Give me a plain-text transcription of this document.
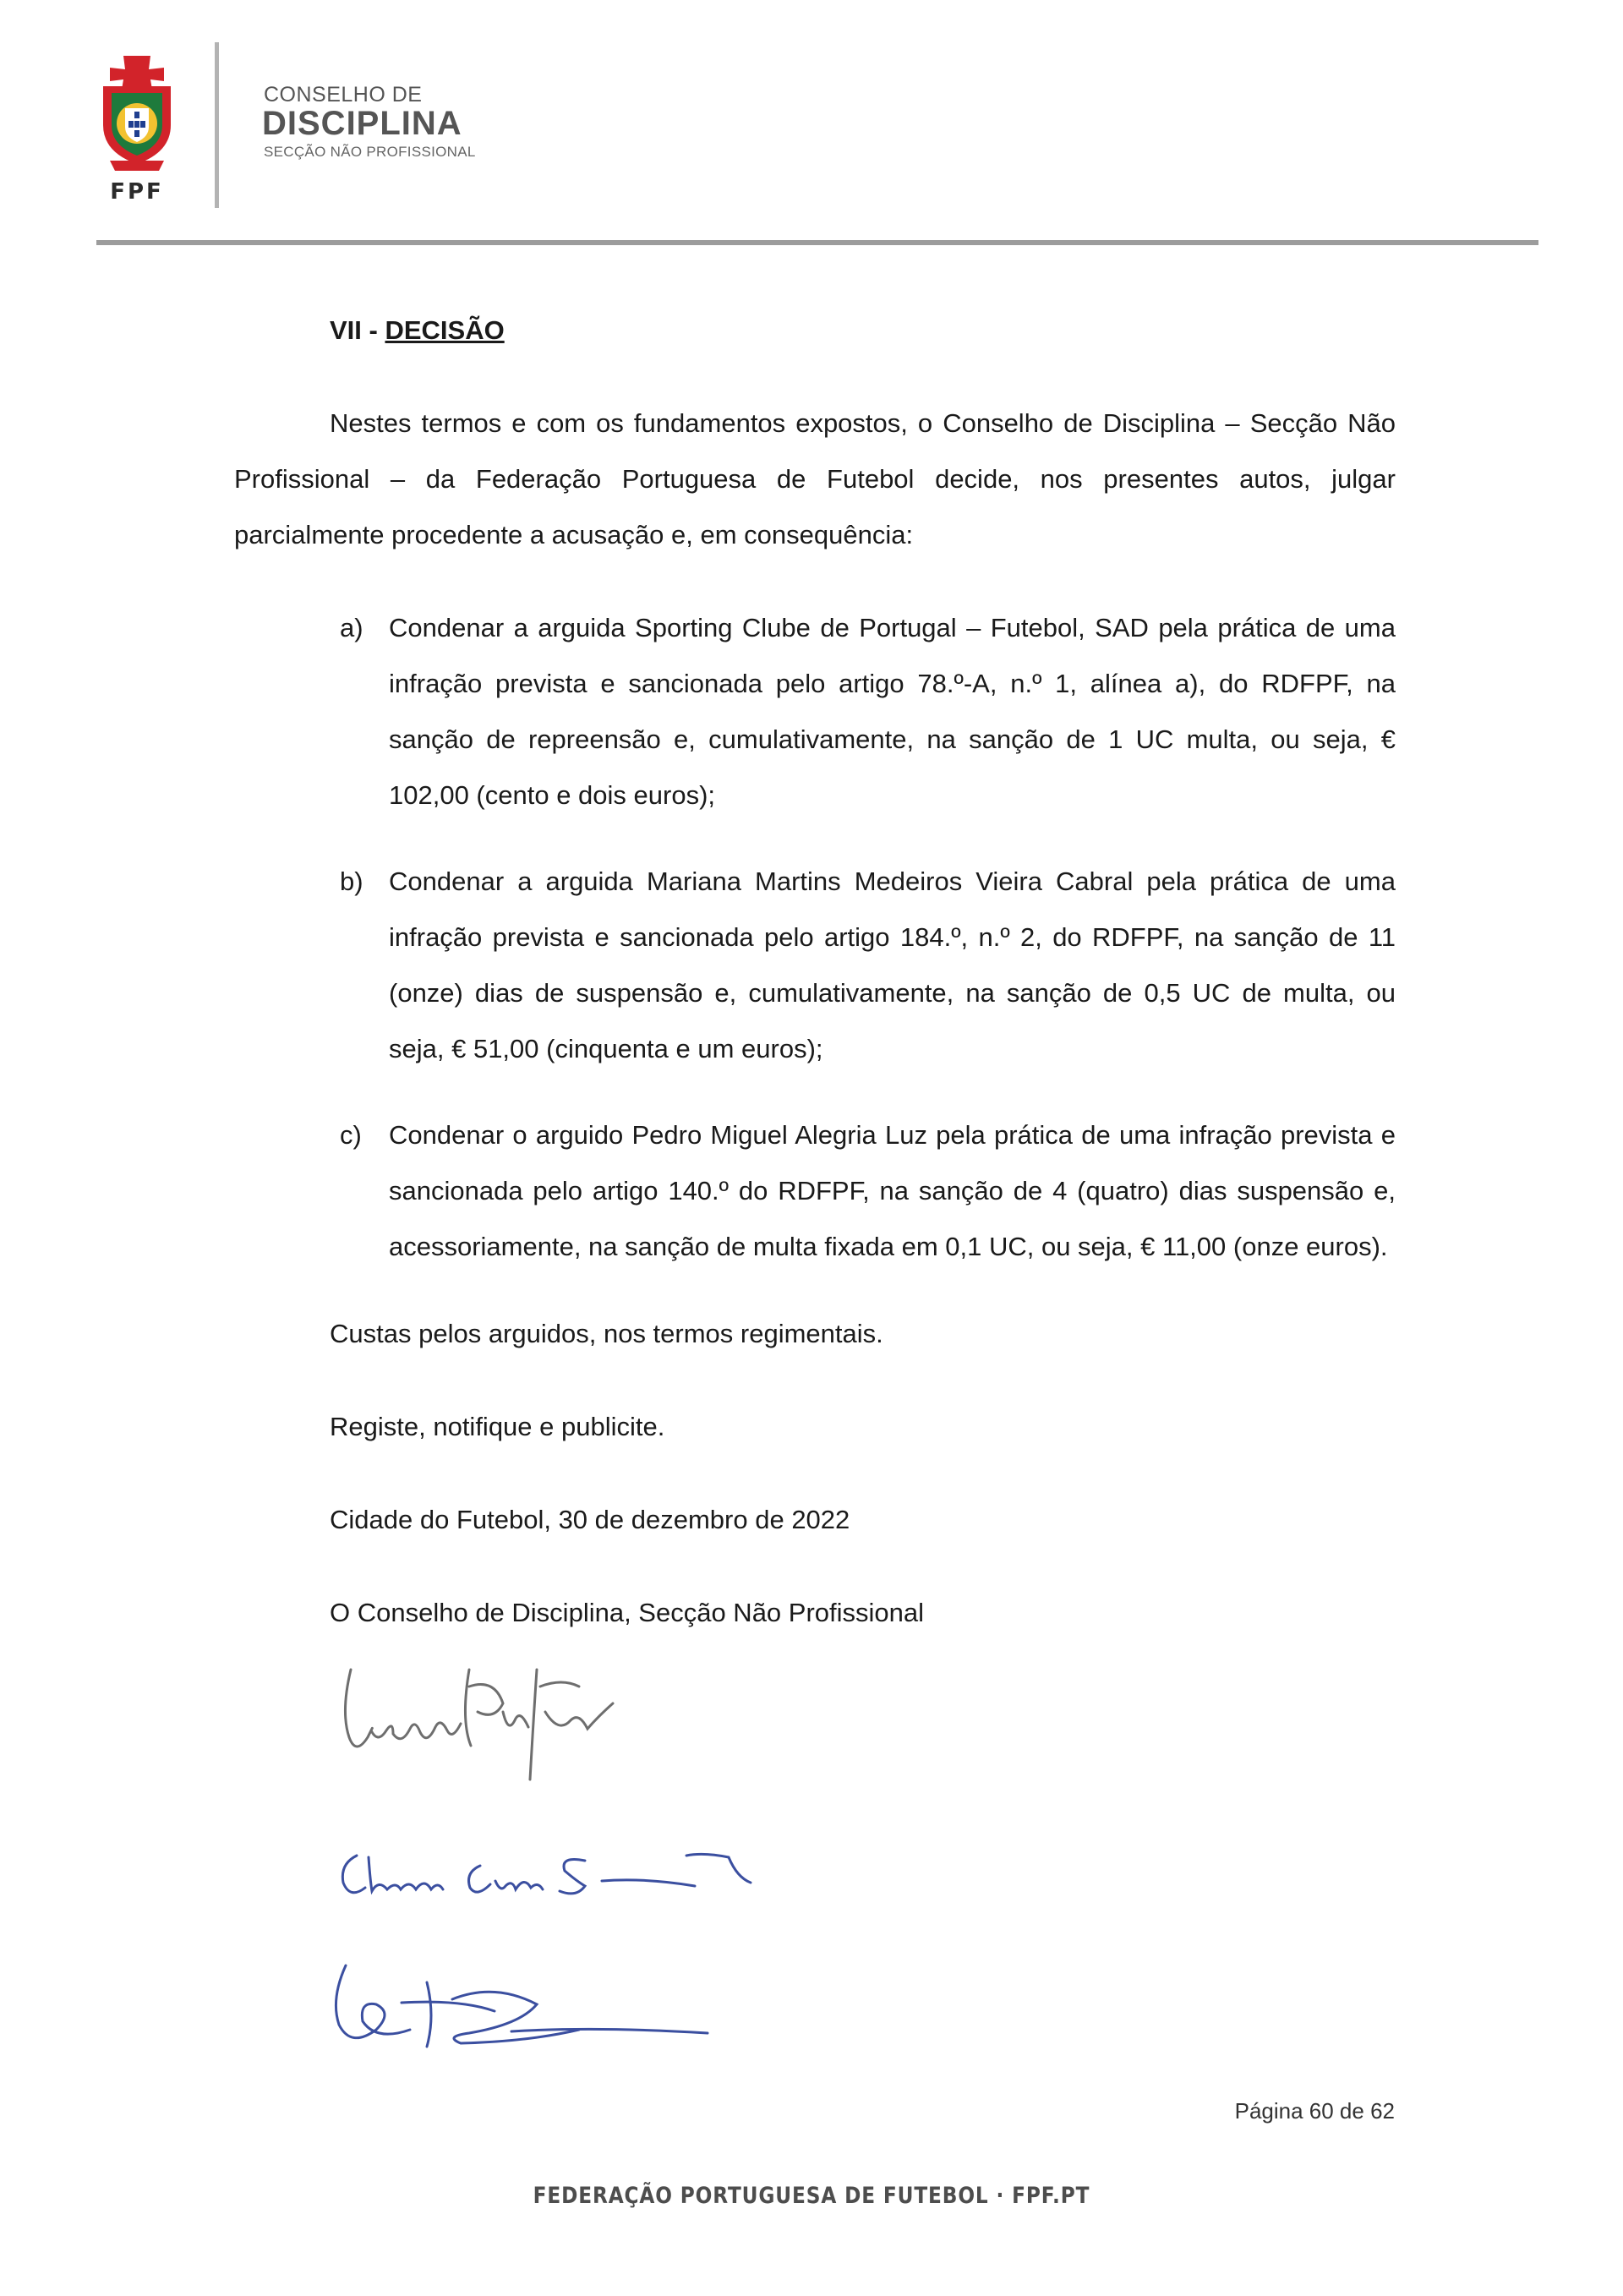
FPF
CONSELHO DE
DISCIPLINA
SECÇÃO NÃO PROFISSIONAL
VII - DECISÃO

Nestes termos e com os fundamentos expostos, o Conselho de Disciplina – Secção Não Profissional – da Federação Portuguesa de Futebol decide, nos presentes autos, julgar parcialmente procedente a acusação e, em consequência:

a) Condenar a arguida Sporting Clube de Portugal – Futebol, SAD pela prática de uma infração prevista e sancionada pelo artigo 78.º-A, n.º 1, alínea a), do RDFPF, na sanção de repreensão e, cumulativamente, na sanção de 1 UC multa, ou seja, € 102,00 (cento e dois euros);
b) Condenar a arguida Mariana Martins Medeiros Vieira Cabral pela prática de uma infração prevista e sancionada pelo artigo 184.º, n.º 2, do RDFPF, na sanção de 11 (onze) dias de suspensão e, cumulativamente, na sanção de 0,5 UC de multa, ou seja, € 51,00 (cinquenta e um euros);
c) Condenar o arguido Pedro Miguel Alegria Luz pela prática de uma infração prevista e sancionada pelo artigo 140.º do RDFPF, na sanção de 4 (quatro) dias suspensão e, acessoriamente, na sanção de multa fixada em 0,1 UC, ou seja, € 11,00 (onze euros).
Custas pelos arguidos, nos termos regimentais.
Registe, notifique e publicite.
Cidade do Futebol, 30 de dezembro de 2022
O Conselho de Disciplina, Secção Não Profissional
Página 60 de 62
FEDERAÇÃO PORTUGUESA DE FUTEBOL · FPF.PT
